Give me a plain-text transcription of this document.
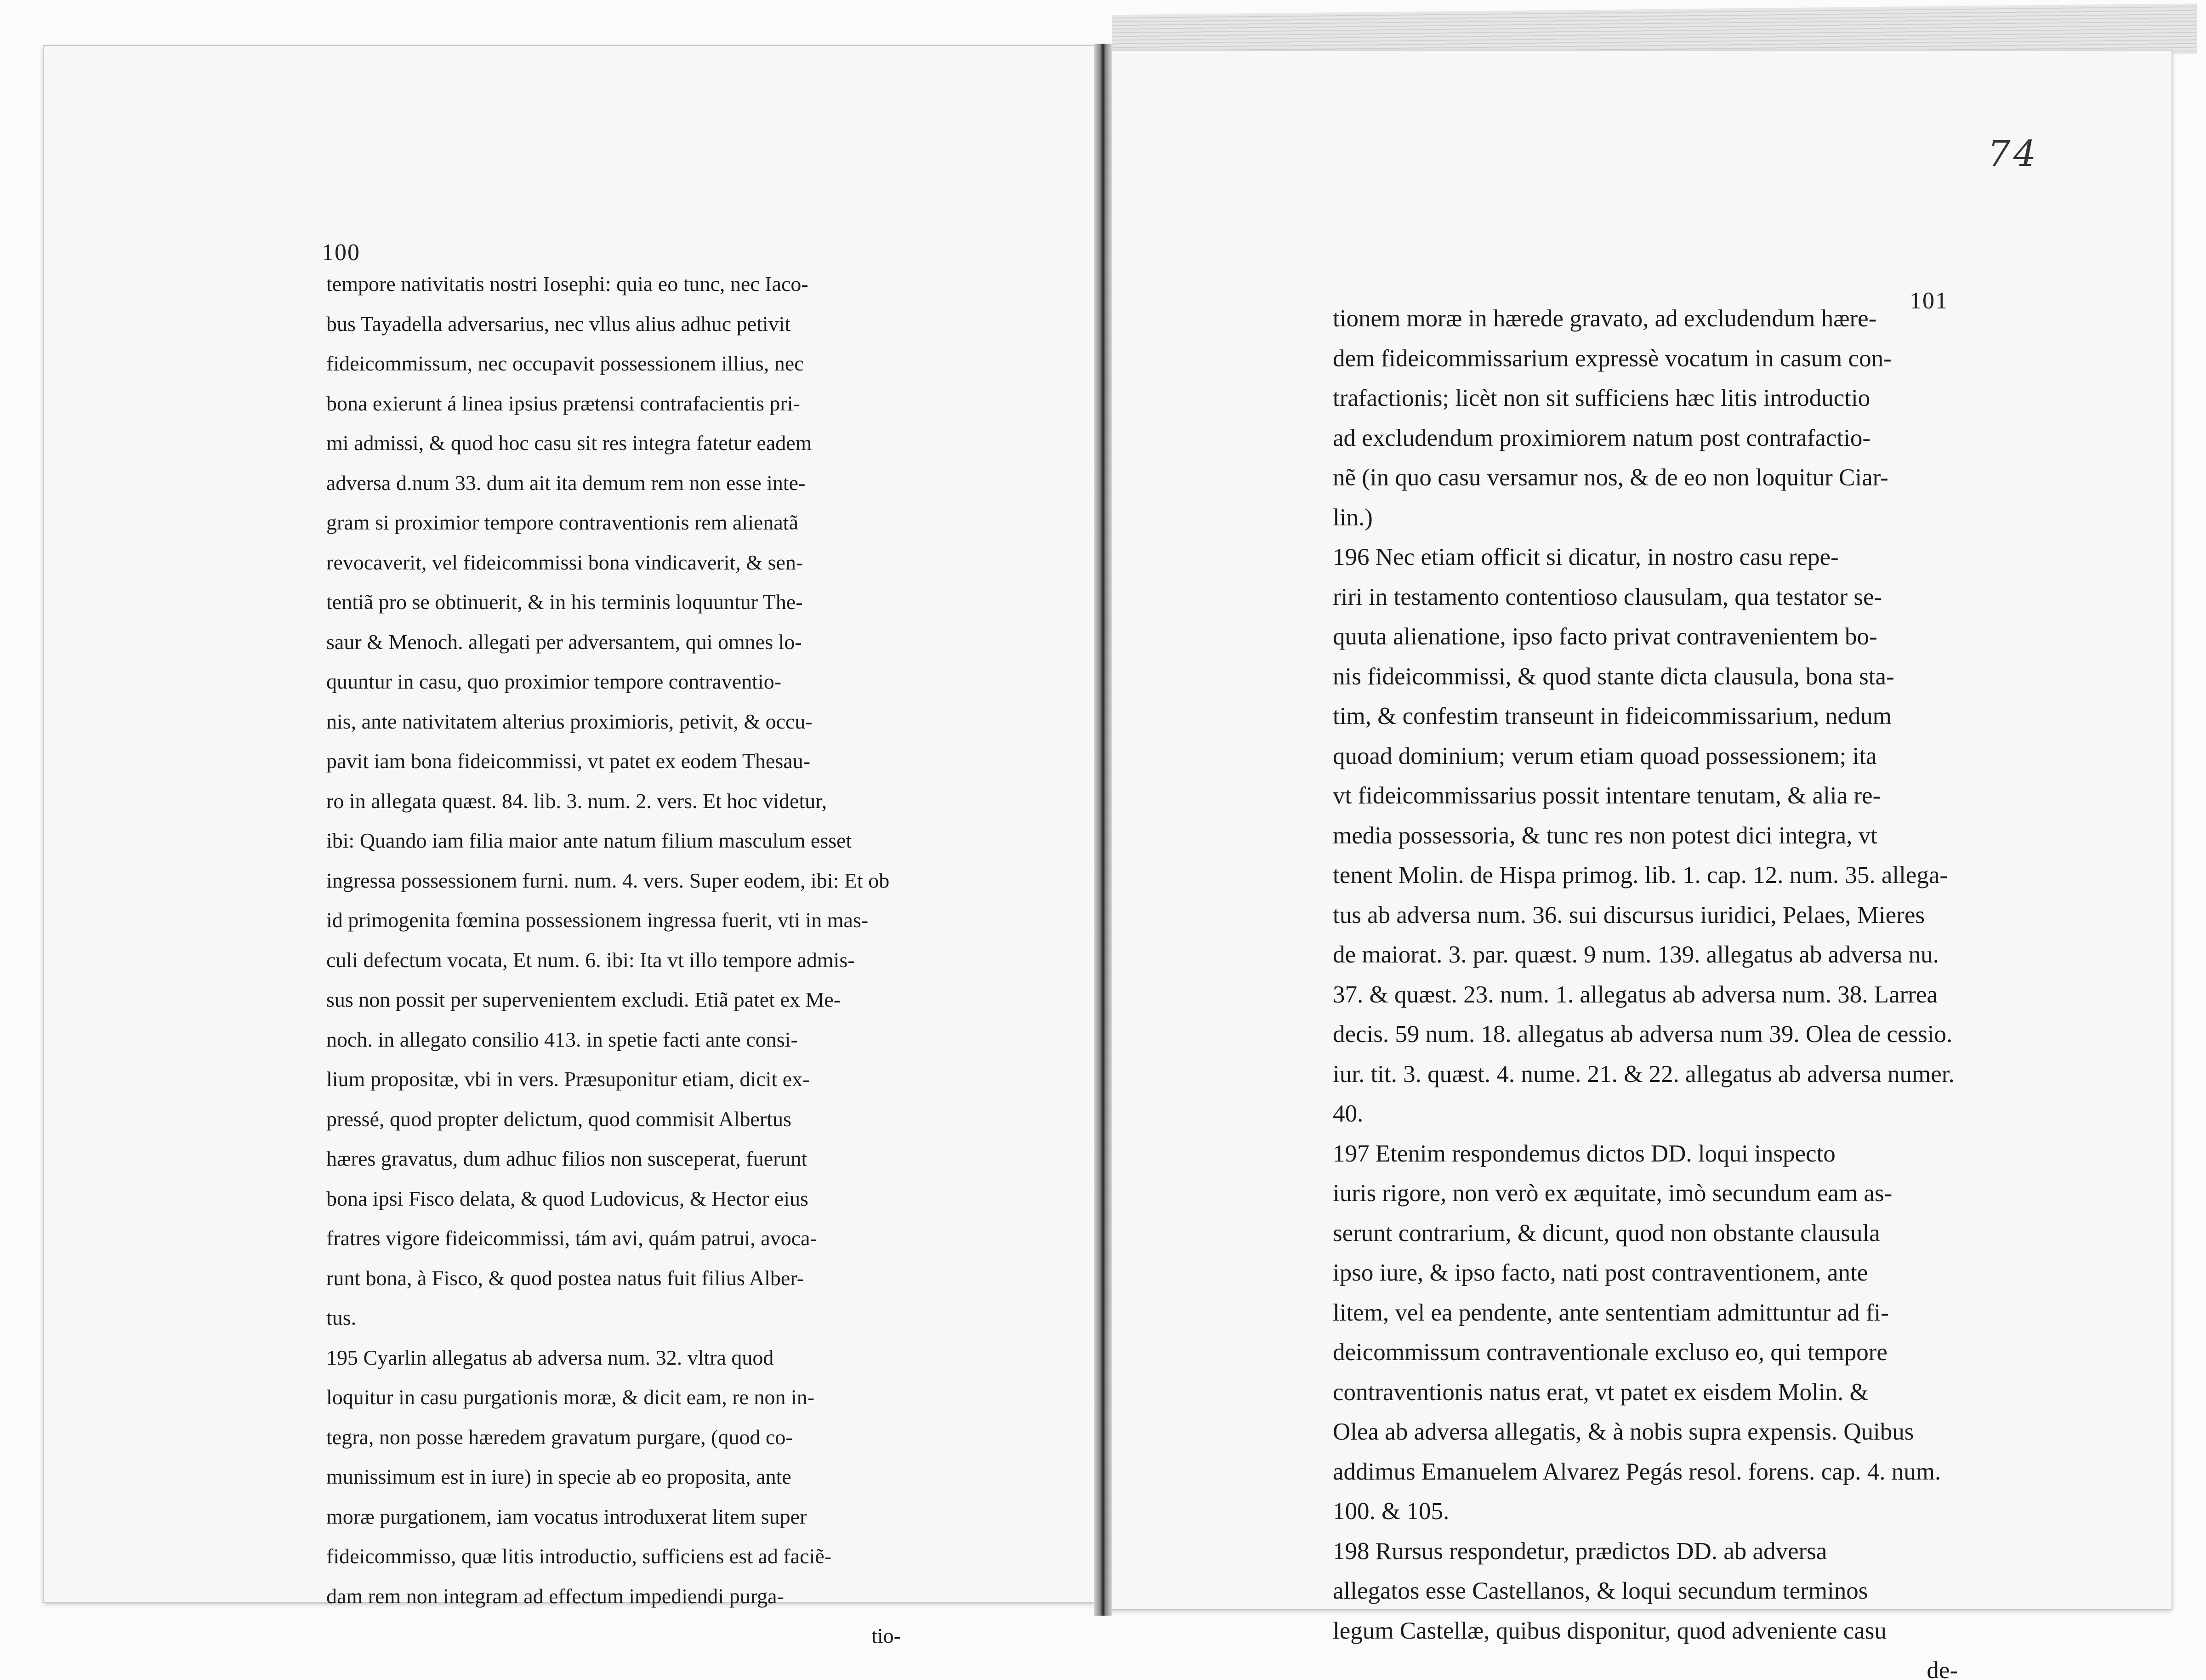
74
100
101
tempore nativitatis nostri Iosephi: quia eo tunc, nec Iaco-
bus Tayadella adversarius, nec vllus alius adhuc petivit
fideicommissum, nec occupavit possessionem illius, nec
bona exierunt á linea ipsius prætensi contrafacientis pri-
mi admissi, & quod hoc casu sit res integra fatetur eadem
adversa d.num 33. dum ait ita demum rem non esse inte-
gram si proximior tempore contraventionis rem alienatã
revocaverit, vel fideicommissi bona vindicaverit, & sen-
tentiã pro se obtinuerit, & in his terminis loquuntur The-
saur & Menoch. allegati per adversantem, qui omnes lo-
quuntur in casu, quo proximior tempore contraventio-
nis, ante nativitatem alterius proximioris, petivit, & occu-
pavit iam bona fideicommissi, vt patet ex eodem Thesau-
ro in allegata quæst. 84. lib. 3. num. 2. vers. Et hoc videtur,
ibi: Quando iam filia maior ante natum filium masculum esset
ingressa possessionem furni. num. 4. vers. Super eodem, ibi: Et ob
id primogenita fœmina possessionem ingressa fuerit, vti in mas-
culi defectum vocata, Et num. 6. ibi: Ita vt illo tempore admis-
sus non possit per supervenientem excludi. Etiã patet ex Me-
noch. in allegato consilio 413. in spetie facti ante consi-
lium propositæ, vbi in vers. Præsuponitur etiam, dicit ex-
pressé, quod propter delictum, quod commisit Albertus
hæres gravatus, dum adhuc filios non susceperat, fuerunt
bona ipsi Fisco delata, & quod Ludovicus, & Hector eius
fratres vigore fideicommissi, tám avi, quám patrui, avoca-
runt bona, à Fisco, & quod postea natus fuit filius Alber-
tus.
195 Cyarlin allegatus ab adversa num. 32. vltra quod
loquitur in casu purgationis moræ, & dicit eam, re non in-
tegra, non posse hæredem gravatum purgare, (quod co-
munissimum est in iure) in specie ab eo proposita, ante
moræ purgationem, iam vocatus introduxerat litem super
fideicommisso, quæ litis introductio, sufficiens est ad faciẽ-
dam rem non integram ad effectum impediendi purga-
tio-
tionem moræ in hærede gravato, ad excludendum hære-
dem fideicommissarium expressè vocatum in casum con-
trafactionis; licèt non sit sufficiens hæc litis introductio
ad excludendum proximiorem natum post contrafactio-
nẽ (in quo casu versamur nos, & de eo non loquitur Ciar-
lin.)
196 Nec etiam officit si dicatur, in nostro casu repe-
riri in testamento contentioso clausulam, qua testator se-
quuta alienatione, ipso facto privat contravenientem bo-
nis fideicommissi, & quod stante dicta clausula, bona sta-
tim, & confestim transeunt in fideicommissarium, nedum
quoad dominium; verum etiam quoad possessionem; ita
vt fideicommissarius possit intentare tenutam, & alia re-
media possessoria, & tunc res non potest dici integra, vt
tenent Molin. de Hispa primog. lib. 1. cap. 12. num. 35. allega-
tus ab adversa num. 36. sui discursus iuridici, Pelaes, Mieres
de maiorat. 3. par. quæst. 9 num. 139. allegatus ab adversa nu.
37. & quæst. 23. num. 1. allegatus ab adversa num. 38. Larrea
decis. 59 num. 18. allegatus ab adversa num 39. Olea de cessio.
iur. tit. 3. quæst. 4. nume. 21. & 22. allegatus ab adversa numer.
40.
197 Etenim respondemus dictos DD. loqui inspecto
iuris rigore, non verò ex æquitate, imò secundum eam as-
serunt contrarium, & dicunt, quod non obstante clausula
ipso iure, & ipso facto, nati post contraventionem, ante
litem, vel ea pendente, ante sententiam admittuntur ad fi-
deicommissum contraventionale excluso eo, qui tempore
contraventionis natus erat, vt patet ex eisdem Molin. &
Olea ab adversa allegatis, & à nobis supra expensis. Quibus
addimus Emanuelem Alvarez Pegás resol. forens. cap. 4. num.
100. & 105.
198 Rursus respondetur, prædictos DD. ab adversa
allegatos esse Castellanos, & loqui secundum terminos
legum Castellæ, quibus disponitur, quod adveniente casu
de-
